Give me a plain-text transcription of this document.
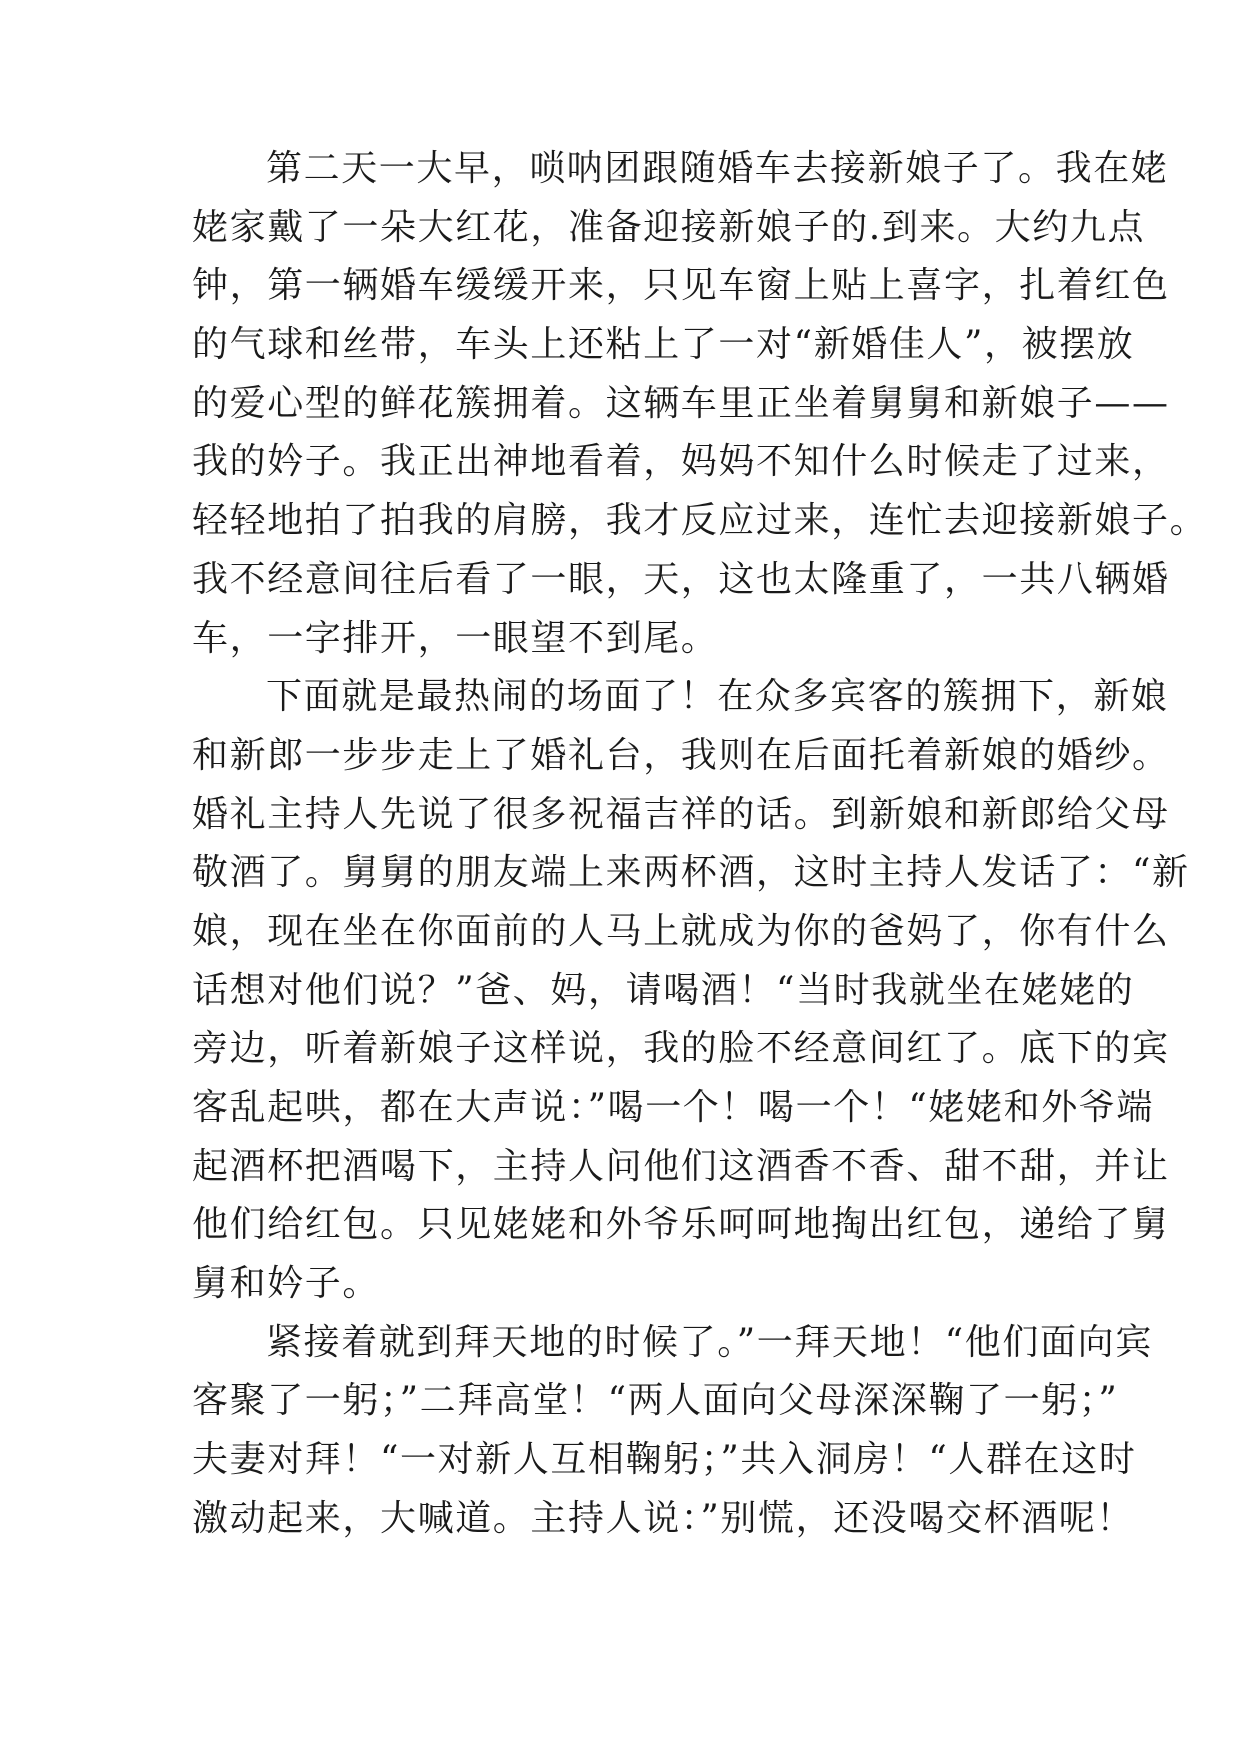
第二天一大早，唢呐团跟随婚车去接新娘子了。我在姥
姥家戴了一朵大红花，准备迎接新娘子的.到来。大约九点
钟，第一辆婚车缓缓开来，只见车窗上贴上喜字，扎着红色
的气球和丝带，车头上还粘上了一对“新婚佳人”，被摆放
的爱心型的鲜花簇拥着。这辆车里正坐着舅舅和新娘子——
我的妗子。我正出神地看着，妈妈不知什么时候走了过来，
轻轻地拍了拍我的肩膀，我才反应过来，连忙去迎接新娘子。
我不经意间往后看了一眼，天，这也太隆重了，一共八辆婚
车，一字排开，一眼望不到尾。
下面就是最热闹的场面了！在众多宾客的簇拥下，新娘
和新郎一步步走上了婚礼台，我则在后面托着新娘的婚纱。
婚礼主持人先说了很多祝福吉祥的话。到新娘和新郎给父母
敬酒了。舅舅的朋友端上来两杯酒，这时主持人发话了：“新
娘，现在坐在你面前的人马上就成为你的爸妈了，你有什么
话想对他们说？”爸、妈，请喝酒！“当时我就坐在姥姥的
旁边，听着新娘子这样说，我的脸不经意间红了。底下的宾
客乱起哄，都在大声说：”喝一个！喝一个！“姥姥和外爷端
起酒杯把酒喝下，主持人问他们这酒香不香、甜不甜，并让
他们给红包。只见姥姥和外爷乐呵呵地掏出红包，递给了舅
舅和妗子。
紧接着就到拜天地的时候了。”一拜天地！“他们面向宾
客聚了一躬；”二拜高堂！“两人面向父母深深鞠了一躬；”
夫妻对拜！“一对新人互相鞠躬；”共入洞房！“人群在这时
激动起来，大喊道。主持人说：”别慌，还没喝交杯酒呢！
